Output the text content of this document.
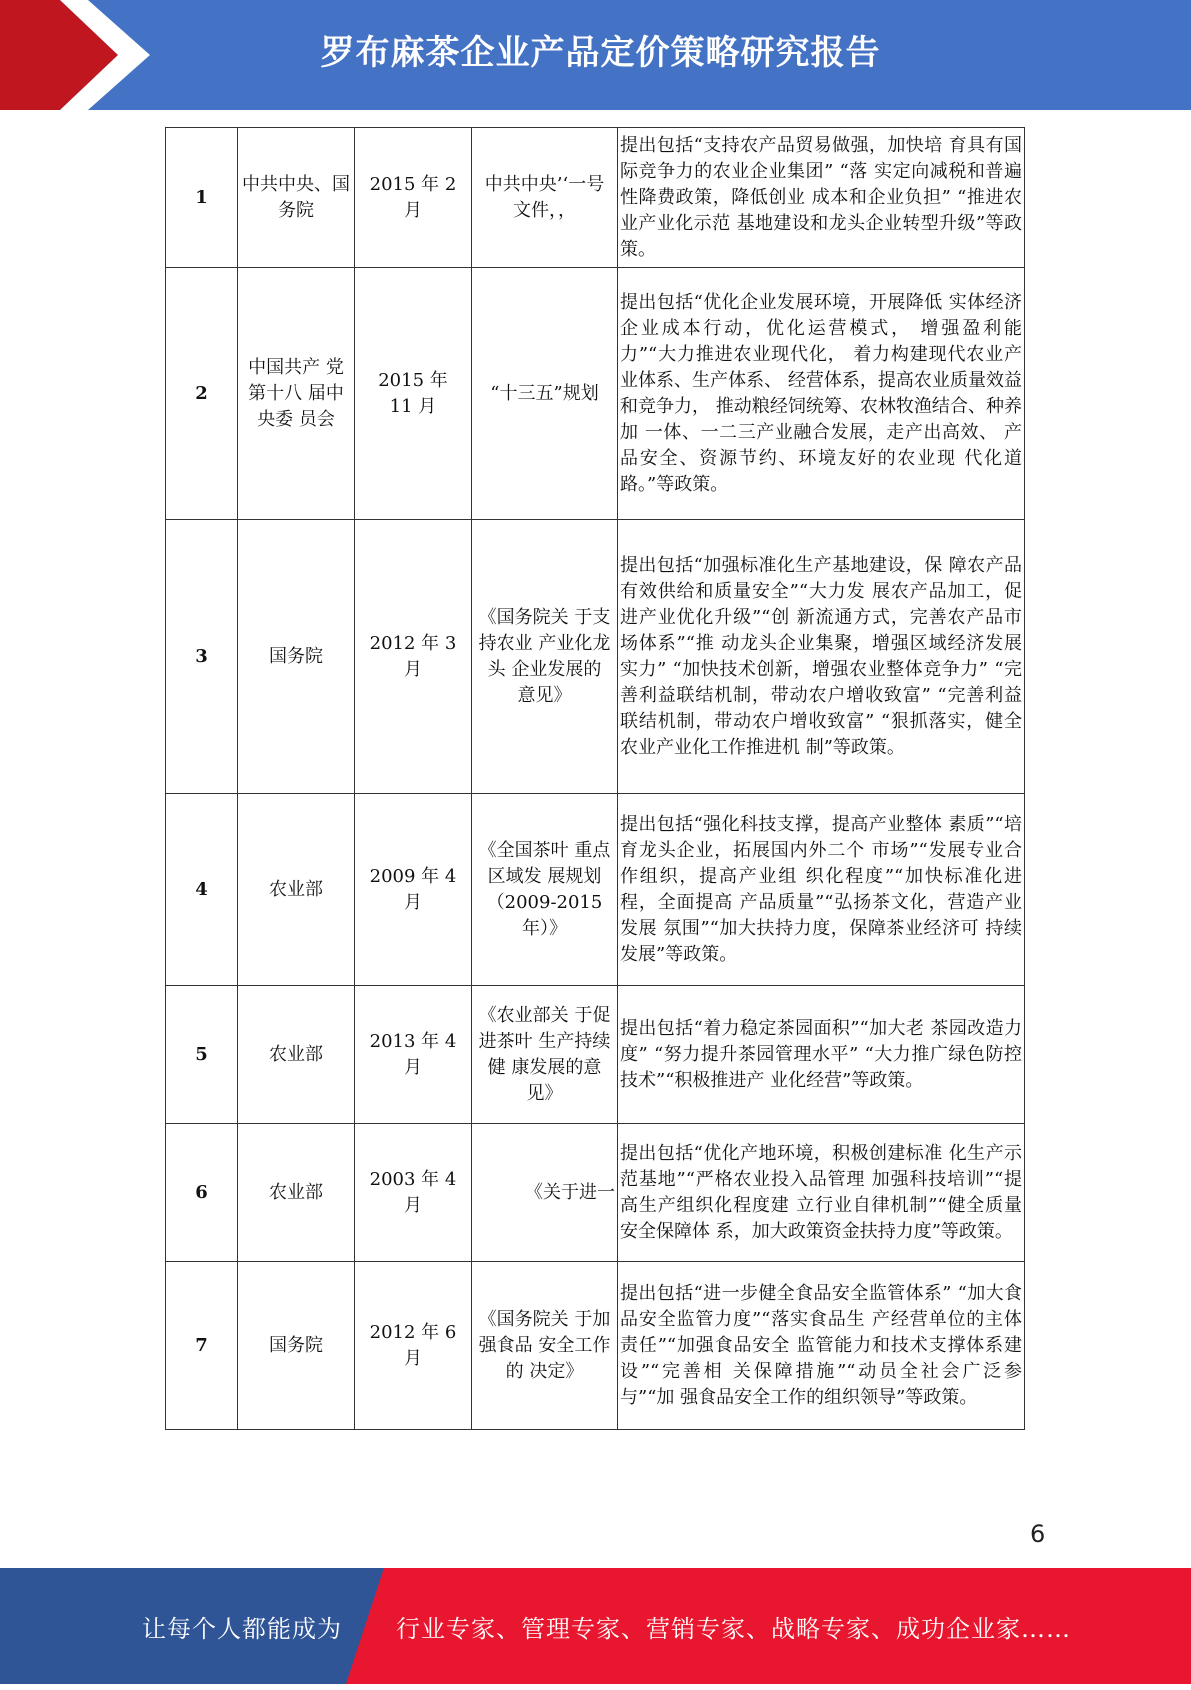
罗布麻茶企业产品定价策略研究报告
1	中共中央、国务院	2015 年 2 月	中共中央’‘一号文件，，	提出包括“支持农产品贸易做强，加快培 育具有国际竞争力的农业企业集团” “落 实定向减税和普遍性降费政策，降低创业 成本和企业负担” “推进农业产业化示范 基地建设和龙头企业转型升级”等政策。
2	中国共产 党第十八 届中央委 员会	2015 年 11 月	“十三五”规划	提出包括“优化企业发展环境，开展降低 实体经济企业成本行动，优化运营模式， 增强盈利能力”“大力推进农业现代化， 着力构建现代农业产业体系、生产体系、 经营体系，提高农业质量效益和竞争力， 推动粮经饲统筹、农林牧渔结合、种养加 一体、一二三产业融合发展，走产出高效、 产品安全、资源节约、环境友好的农业现 代化道路。”等政策。
3	国务院	2012 年 3 月	《国务院关 于支持农业 产业化龙头 企业发展的 意见》	提出包括“加强标准化生产基地建设，保 障农产品有效供给和质量安全”“大力发 展农产品加工，促进产业优化升级”“创 新流通方式，完善农产品市场体系”“推 动龙头企业集聚，增强区域经济发展实力” “加快技术创新，增强农业整体竞争力” “完善利益联结机制，带动农户增收致富” “完善利益联结机制，带动农户增收致富” “狠抓落实，健全农业产业化工作推进机 制”等政策。
4	农业部	2009 年 4 月	《全国茶叶 重点区域发 展规划（2009-2015年）》	提出包括“强化科技支撑，提高产业整体 素质”“培育龙头企业，拓展国内外二个 市场”“发展专业合作组织，提高产业组 织化程度”“加快标准化进程，全面提高 产品质量”“弘扬茶文化，营造产业发展 氛围”“加大扶持力度，保障茶业经济可 持续发展”等政策。
5	农业部	2013 年 4 月	《农业部关 于促进茶叶 生产持续健 康发展的意 见》	提出包括“着力稳定茶园面积”“加大老 茶园改造力度” “努力提升茶园管理水平” “大力推广绿色防控技术”“积极推进产 业化经营”等政策。
6	农业部	2003 年 4 月	《关于进一	提出包括“优化产地环境，积极创建标准 化生产示范基地”“严格农业投入品管理 加强科技培训”“提高生产组织化程度建 立行业自律机制”“健全质量安全保障体 系，加大政策资金扶持力度”等政策。
7	国务院	2012 年 6 月	《国务院关 于加强食品 安全工作的 决定》	提出包括“进一步健全食品安全监管体系” “加大食品安全监管力度”“落实食品生 产经营单位的主体责任”“加强食品安全 监管能力和技术支撑体系建设”“完善相 关保障措施”“动员全社会广泛参与”“加 强食品安全工作的组织领导”等政策。
6
让每个人都能成为 行业专家、管理专家、营销专家、战略专家、成功企业家……
